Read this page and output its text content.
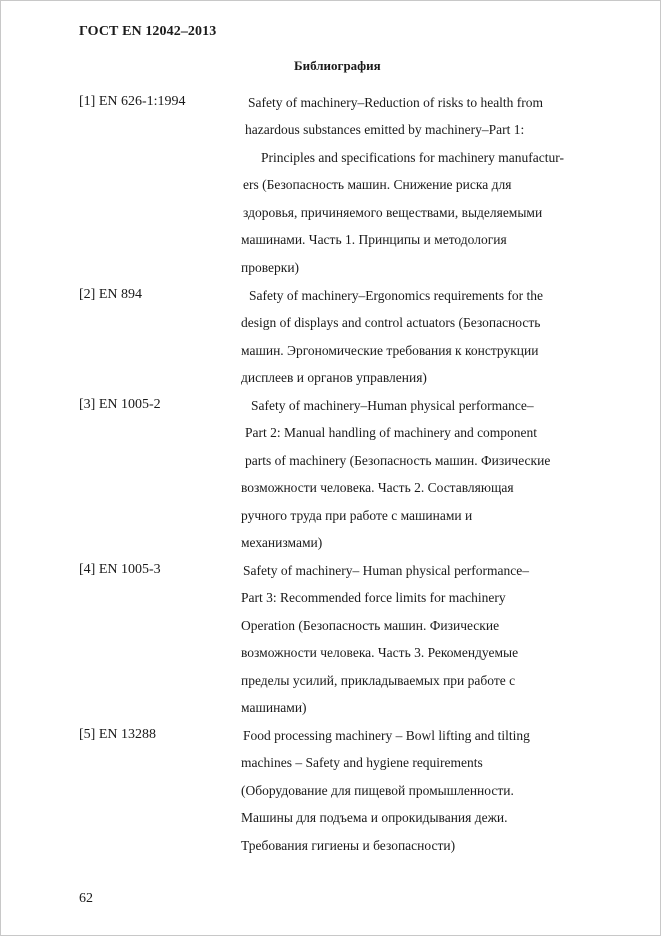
ГОСТ EN 12042–2013
Библиография
[1] EN 626-1:1994	Safety of machinery–Reduction of risks to health from
hazardous substances emitted by machinery–Part 1:
Principles and specifications for machinery manufactur-
ers (Безопасность машин. Снижение риска для
здоровья, причиняемого веществами, выделяемыми
машинами. Часть 1. Принципы и методология
проверки)
[2] EN 894	Safety of machinery–Ergonomics requirements for the
design of displays and control actuators (Безопасность
машин. Эргономические требования к конструкции
дисплеев и органов управления)
[3] EN 1005-2	Safety of machinery–Human physical performance–
Part 2: Manual handling of machinery and component
parts of machinery (Безопасность машин. Физические
возможности человека. Часть 2. Составляющая
ручного труда при работе с машинами и
механизмами)
[4] EN 1005-3	Safety of machinery– Human physical performance–
Part 3: Recommended force limits for machinery
Operation (Безопасность машин. Физические
возможности человека. Часть 3. Рекомендуемые
пределы усилий, прикладываемых при работе с
машинами)
[5] EN 13288	Food processing machinery – Bowl lifting and tilting
machines – Safety and hygiene requirements
(Оборудование для пищевой промышленности.
Машины для подъема и опрокидывания дежи.
Требования гигиены и безопасности)
62
